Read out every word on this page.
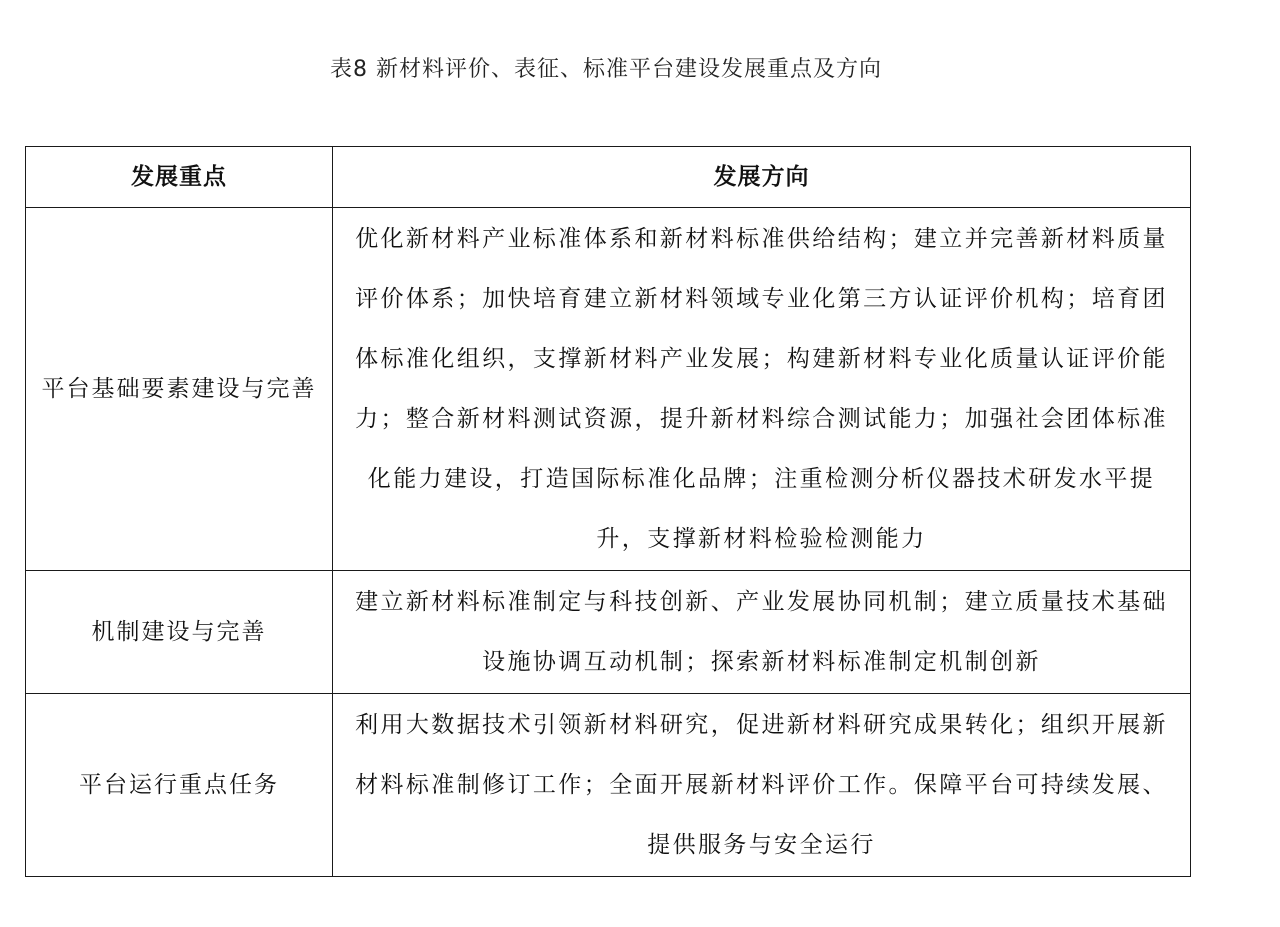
表8 新材料评价、表征、标准平台建设发展重点及方向
发展重点	发展方向
平台基础要素建设与完善	优化新材料产业标准体系和新材料标准供给结构；建立并完善新材料质量评价体系；加快培育建立新材料领域专业化第三方认证评价机构；培育团体标准化组织，支撑新材料产业发展；构建新材料专业化质量认证评价能力；整合新材料测试资源，提升新材料综合测试能力；加强社会团体标准化能力建设，打造国际标准化品牌；注重检测分析仪器技术研发水平提升，支撑新材料检验检测能力
机制建设与完善	建立新材料标准制定与科技创新、产业发展协同机制；建立质量技术基础设施协调互动机制；探索新材料标准制定机制创新
平台运行重点任务	利用大数据技术引领新材料研究，促进新材料研究成果转化；组织开展新材料标准制修订工作；全面开展新材料评价工作。保障平台可持续发展、提供服务与安全运行
